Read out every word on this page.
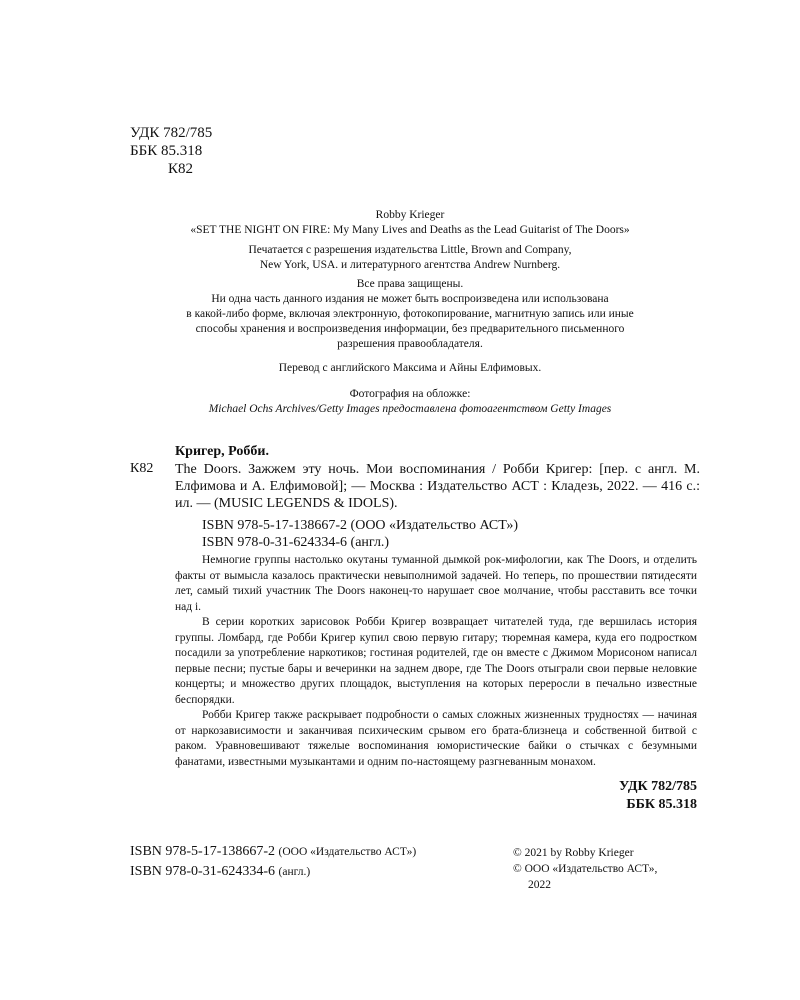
УДК 782/785
ББК 85.318
К82
Robby Krieger
«SET THE NIGHT ON FIRE: My Many Lives and Deaths as the Lead Guitarist of The Doors»
Печатается с разрешения издательства Little, Brown and Company,
New York, USA. и литературного агентства Andrew Nurnberg.
Все права защищены.
Ни одна часть данного издания не может быть воспроизведена или использована
в какой-либо форме, включая электронную, фотокопирование, магнитную запись или иные
способы хранения и воспроизведения информации, без предварительного письменного
разрешения правообладателя.
Перевод с английского Максима и Айны Елфимовых.
Фотография на обложке:
Michael Ochs Archives/Getty Images предоставлена фотоагентством Getty Images
Кригер, Робби.
К82 The Doors. Зажжем эту ночь. Мои воспоминания / Робби Кригер: [пер. с англ. М. Елфимова и А. Елфимовой]; — Москва : Издательство АСТ : Кладезь, 2022. — 416 с.: ил. — (MUSIC LEGENDS & IDOLS).
ISBN 978-5-17-138667-2 (ООО «Издательство АСТ»)
ISBN 978-0-31-624334-6 (англ.)

Немногие группы настолько окутаны туманной дымкой рок-мифологии, как The Doors, и отделить факты от вымысла казалось практически невыполнимой задачей. Но теперь, по прошествии пятидесяти лет, самый тихий участник The Doors наконец-то нарушает свое молчание, чтобы расставить все точки над і.

В серии коротких зарисовок Робби Кригер возвращает читателей туда, где вершилась история группы. Ломбард, где Робби Кригер купил свою первую гитару; тюремная камера, куда его подростком посадили за употребление наркотиков; гостиная родителей, где он вместе с Джимом Морисоном написал первые песни; пустые бары и вечеринки на заднем дворе, где The Doors отыграли свои первые неловкие концерты; и множество других площадок, выступления на которых переросли в печально известные беспорядки.

Робби Кригер также раскрывает подробности о самых сложных жизненных трудностях — начиная от наркозависимости и заканчивая психическим срывом его брата-близнеца и собственной битвой с раком. Уравновешивают тяжелые воспоминания юмористические байки о стычках с безумными фанатами, известными музыкантами и одним по-настоящему разгневанным монахом.

УДК 782/785
ББК 85.318
ISBN 978-5-17-138667-2 (ООО «Издательство АСТ»)
ISBN 978-0-31-624334-6 (англ.)
© 2021 by Robby Krieger
© ООО «Издательство АСТ»,
2022
